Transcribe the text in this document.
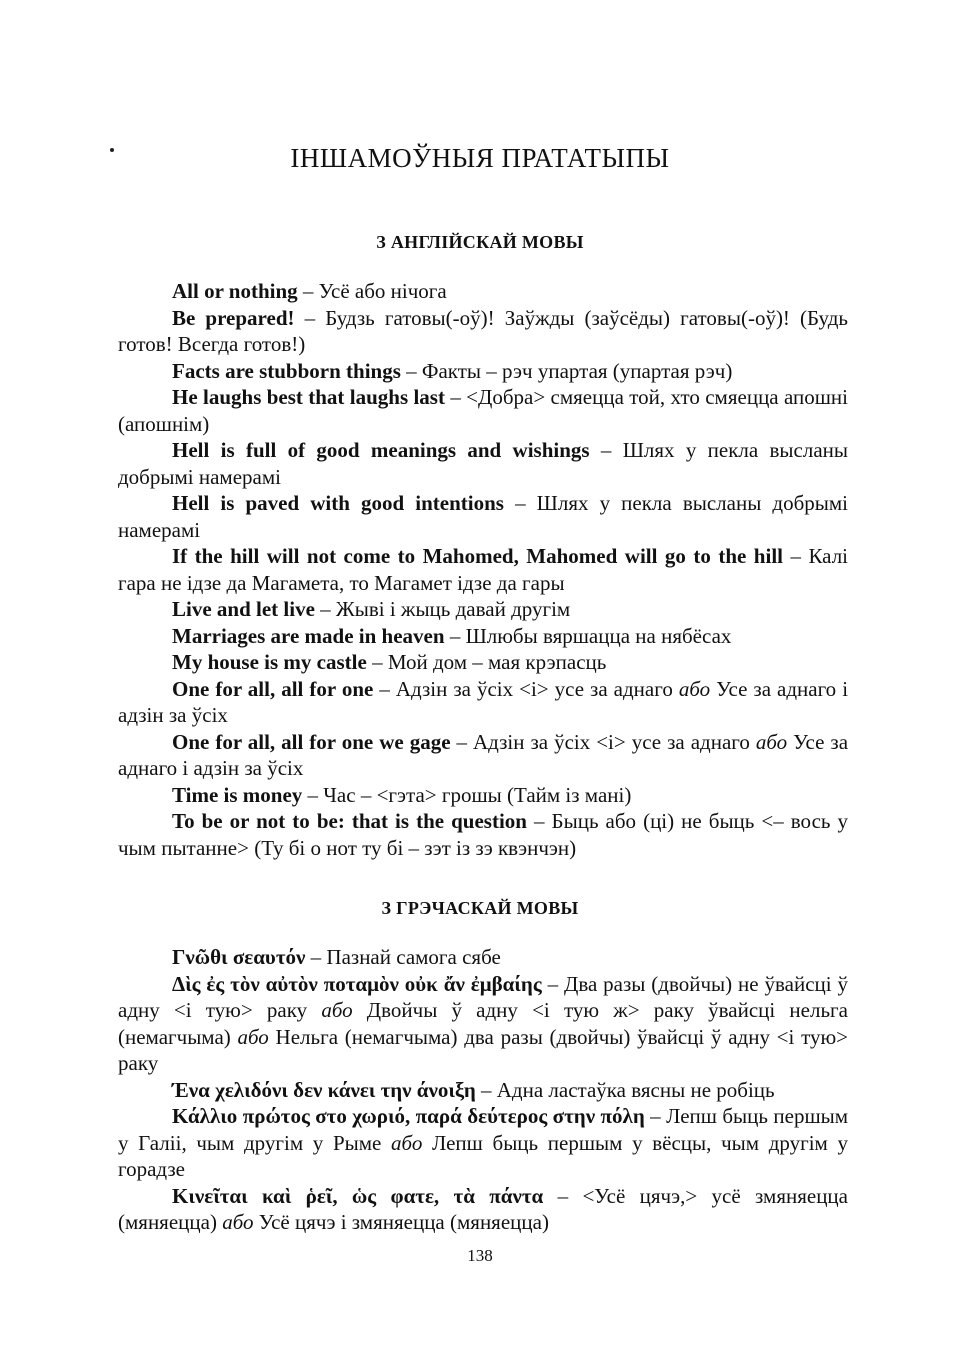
ІНШАМОЎНЫЯ ПРАТАТЫПЫ
З АНГЛІЙСКАЙ МОВЫ

All or nothing – Усё або нічога

Be prepared! – Будзь гатовы(-оў)! Заўжды (заўсёды) гатовы(-оў)! (Будь готов! Всегда готов!)

Facts are stubborn things – Факты – рэч упартая (упартая рэч)

He laughs best that laughs last – <Добра> смяецца той, хто смяецца апошні (апошнім)

Hell is full of good meanings and wishings – Шлях у пекла выcланы добрымі намерамі

Hell is paved with good intentions – Шлях у пекла выcланы добрымі намерамі

If the hill will not come to Mahomed, Mahomed will go to the hill – Калі гара не ідзе да Магамета, то Магамет ідзе да гары

Live and let live – Жыві і жыць давай другім

Marriages are made in heaven – Шлюбы вяршацца на нябёсах

My house is my castle – Мой дом – мая крэпасць

One for all, all for one – Адзін за ўсіх <і> усе за аднаго або Усе за аднаго і адзін за ўсіх

One for all, all for one we gage – Адзін за ўсіх <і> усе за аднаго або Усе за аднаго і адзін за ўсіх

Time is money – Час – <гэта> грошы (Тайм із мані)

To be or not to be: that is the question – Быць або (ці) не быць <– вось у чым пытанне> (Ту бі о нот ту бі – зэт із зэ квэнчэн)

З ГРЭЧАСКАЙ МОВЫ

Γνῶθι σεαυτόν – Пазнай самога сябе

Δὶς ἐς τὸν αὐτὸν ποταμὸν οὐκ ἄν ἐμβαίης – Два разы (двойчы) не ўвайсці ў адну <і тую> раку або Двойчы ў адну <і тую ж> раку ўвайсці нельга (немагчыма) або Нельга (немагчыма) два разы (двойчы) ўвайсці ў адну <і тую> раку

Ένα χελιδόνι δεν κάνει την άνοιξη – Адна ластаўка вясны не робіць

Κάλλιο πρώτος στο χωριό, παρά δεύτερος στην πόλη – Лепш быць першым у Галіі, чым другім у Рыме або Лепш быць першым у вёсцы, чым другім у горадзе

Κινεῖται καὶ ῥεῖ, ὡς φατε, τὰ πάντα – <Усё цячэ,> усё змяняецца (мяняецца) або Усё цячэ і змяняецца (мяняецца)

138
